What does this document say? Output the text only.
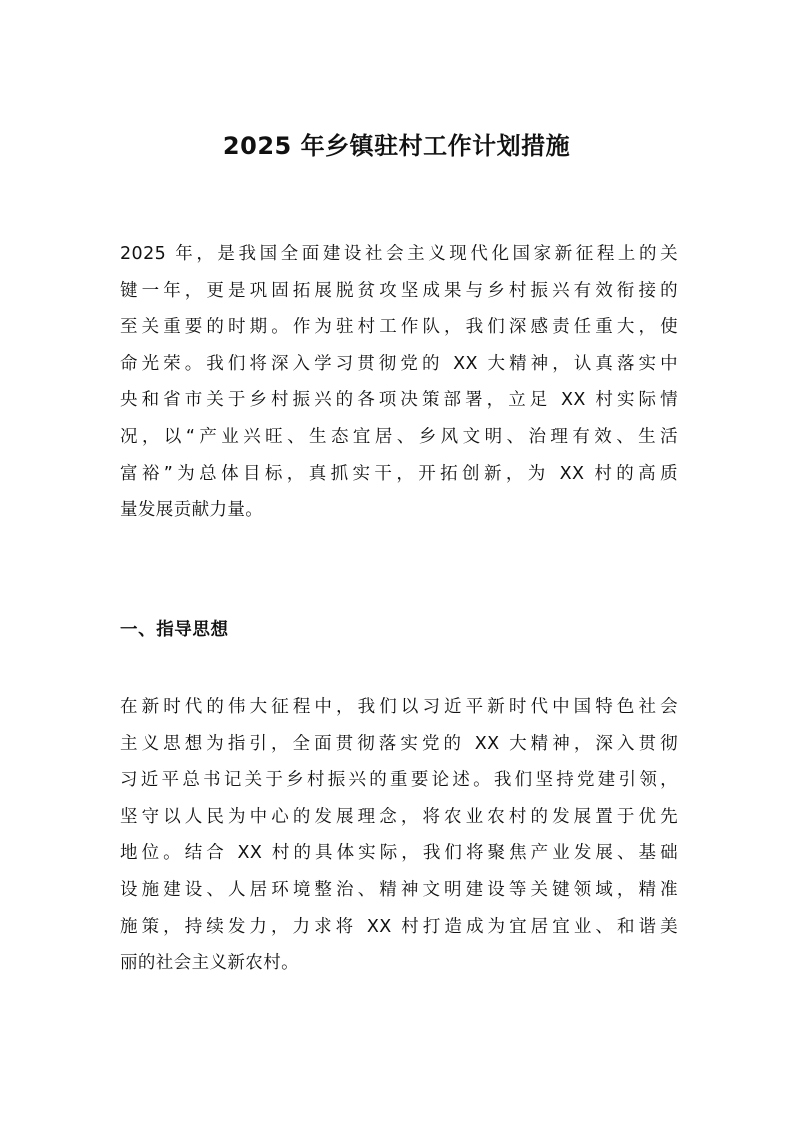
2025 年乡镇驻村工作计划措施
2025 年，是我国全面建设社会主义现代化国家新征程上的关
键一年，更是巩固拓展脱贫攻坚成果与乡村振兴有效衔接的
至关重要的时期。作为驻村工作队，我们深感责任重大，使
命光荣。我们将深入学习贯彻党的 XX 大精神，认真落实中
央和省市关于乡村振兴的各项决策部署，立足 XX 村实际情
况，以“产业兴旺、生态宜居、乡风文明、治理有效、生活
富裕”为总体目标，真抓实干，开拓创新，为 XX 村的高质
量发展贡献力量。
一、指导思想
在新时代的伟大征程中，我们以习近平新时代中国特色社会
主义思想为指引，全面贯彻落实党的 XX 大精神，深入贯彻
习近平总书记关于乡村振兴的重要论述。我们坚持党建引领，
坚守以人民为中心的发展理念，将农业农村的发展置于优先
地位。结合 XX 村的具体实际，我们将聚焦产业发展、基础
设施建设、人居环境整治、精神文明建设等关键领域，精准
施策，持续发力，力求将 XX 村打造成为宜居宜业、和谐美
丽的社会主义新农村。
